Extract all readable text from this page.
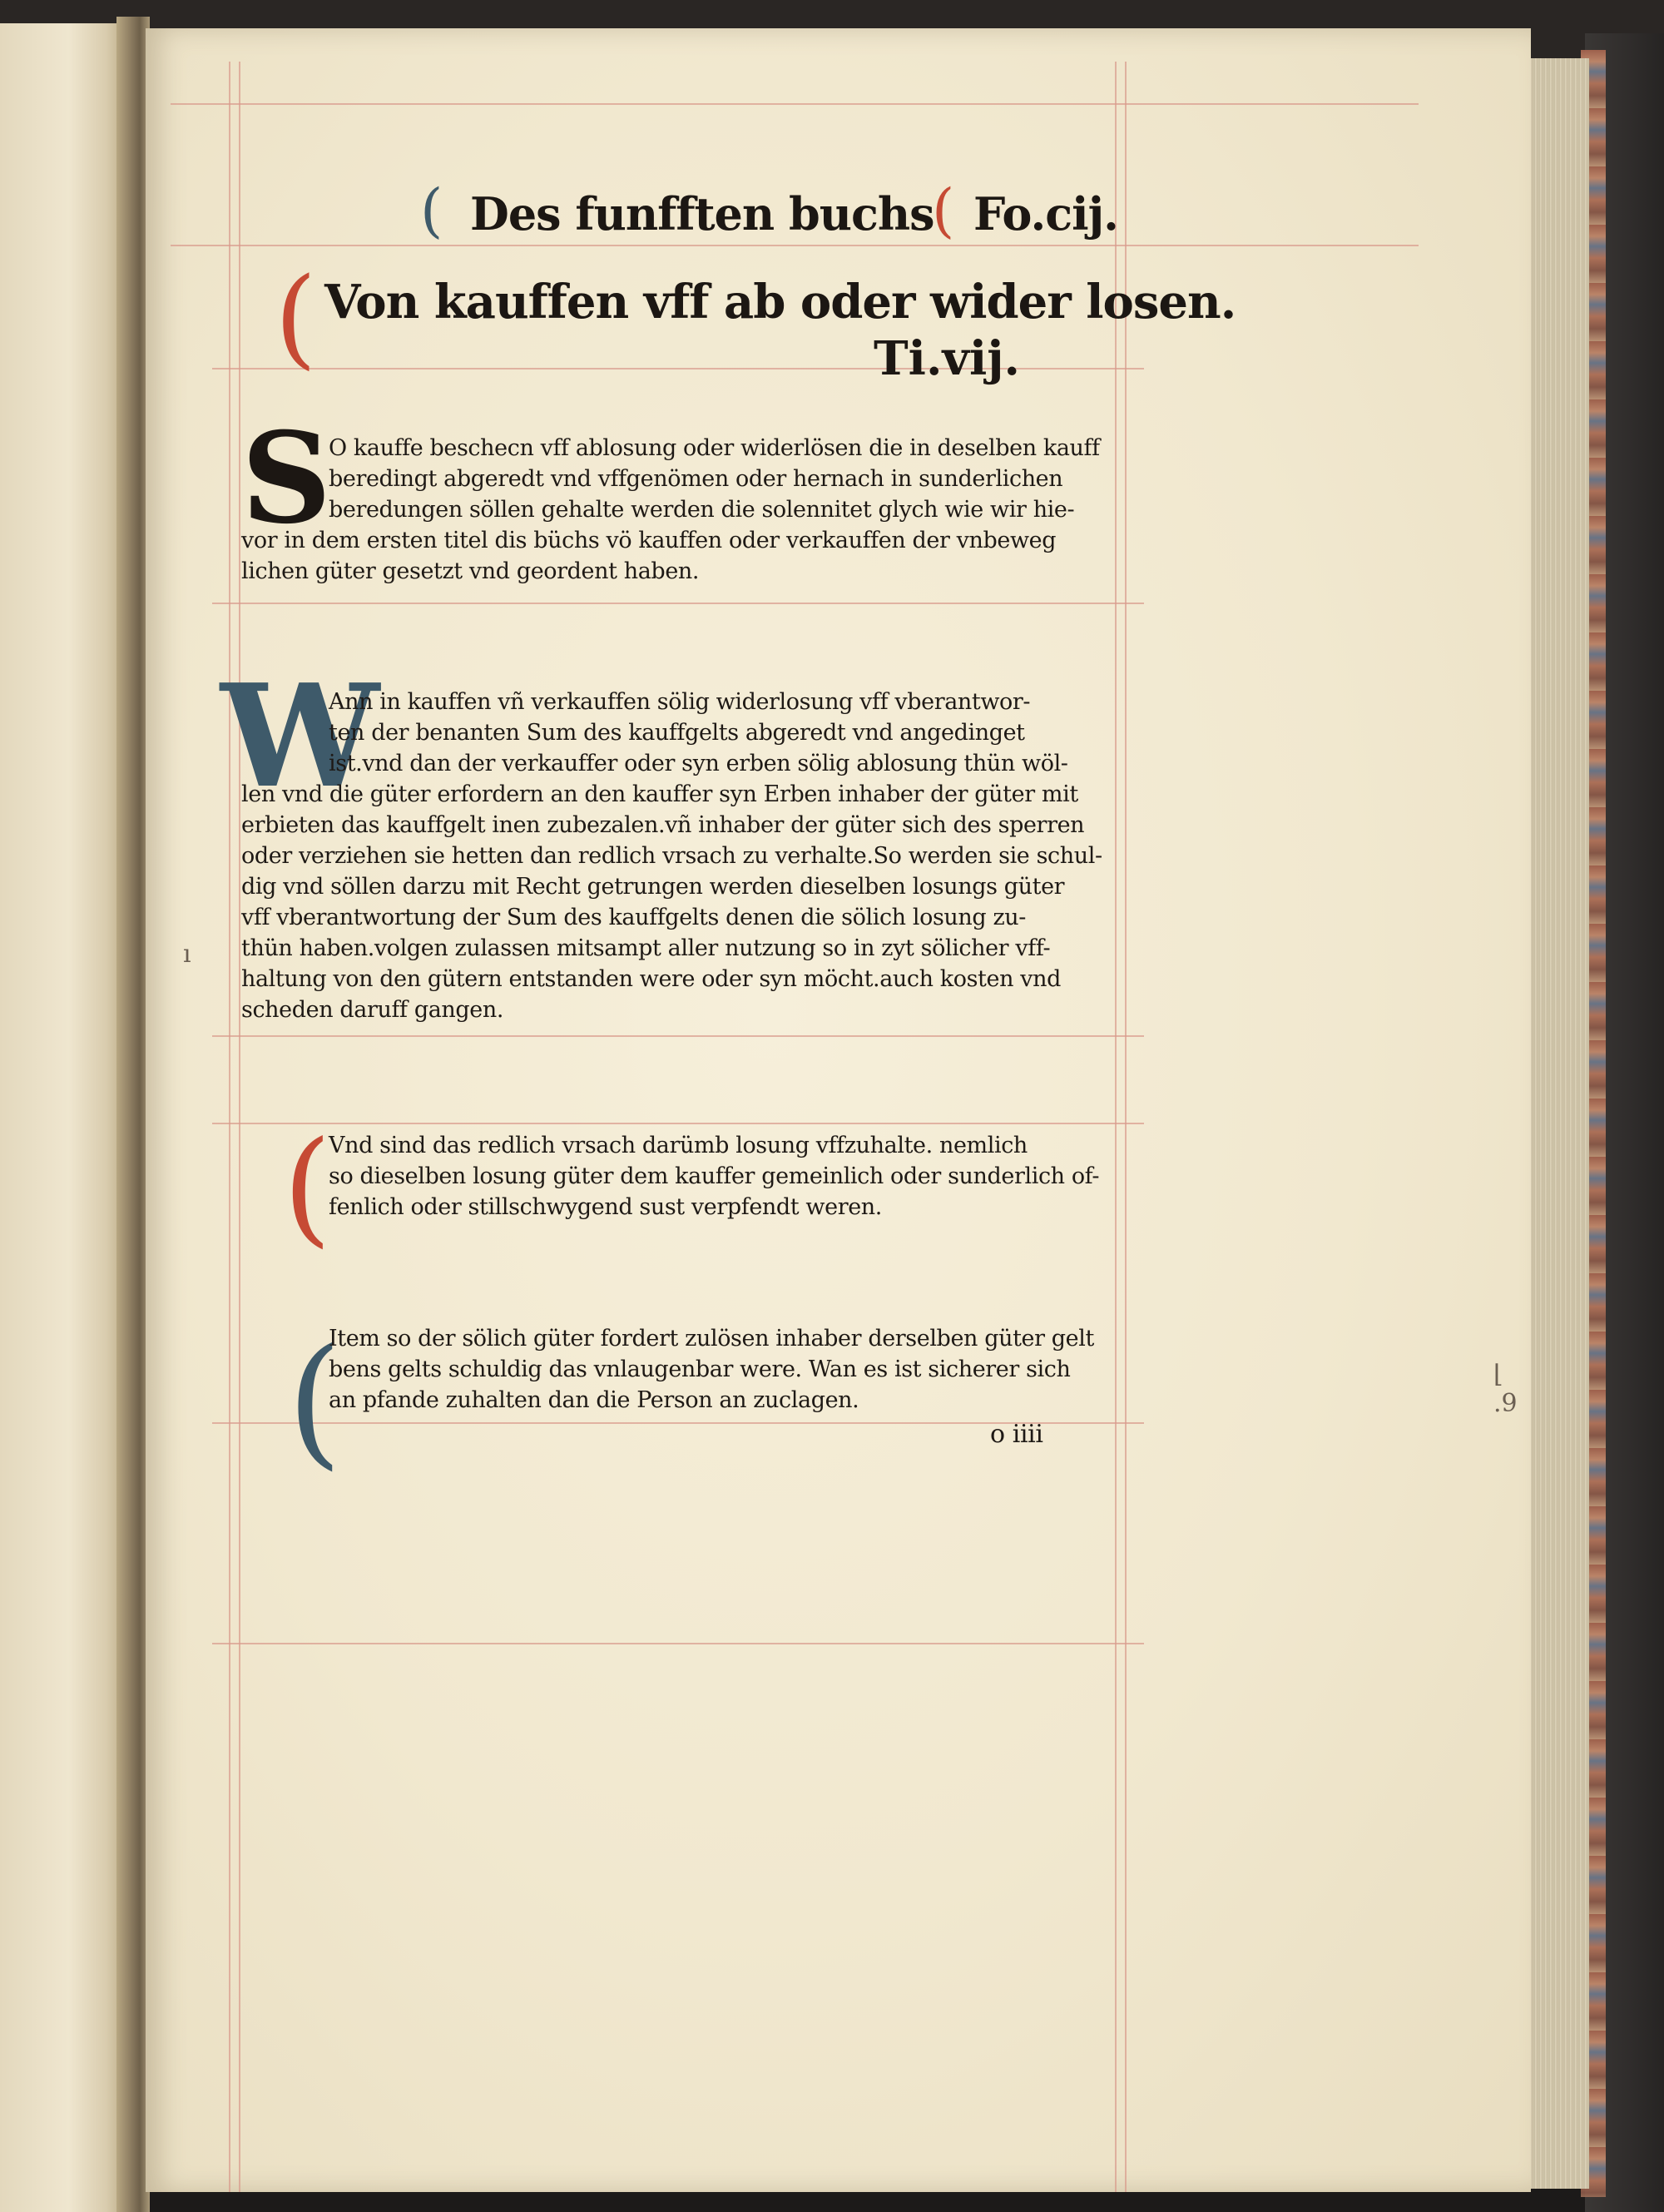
ı
⌊ .9
( Des funfften buchs
( Fo.cij.
( Von kauffen vff ab oder wider losen.
Ti.vij.
S
O kauffe beschecn vff ablosung oder widerlösen die in deselben kauff
beredingt abgeredt vnd vffgenömen oder hernach in sunderlichen
beredungen söllen gehalte werden die solennitet glych wie wir hie-
vor in dem ersten titel dis büchs vö kauffen oder verkauffen der vnbeweg
lichen güter gesetzt vnd geordent haben.
W
Ann in kauffen vñ verkauffen sölig widerlosung vff vberantwor-
ten der benanten Sum des kauffgelts abgeredt vnd angedinget
ist.vnd dan der verkauffer oder syn erben sölig ablosung thün wöl-
len vnd die güter erfordern an den kauffer syn Erben inhaber der güter mit
erbieten das kauffgelt inen zubezalen.vñ inhaber der güter sich des sperren
oder verziehen sie hetten dan redlich vrsach zu verhalte.So werden sie schul-
dig vnd söllen darzu mit Recht getrungen werden dieselben losungs güter
vff vberantwortung der Sum des kauffgelts denen die sölich losung zu-
thün haben.volgen zulassen mitsampt aller nutzung so in zyt sölicher vff-
haltung von den gütern entstanden were oder syn möcht.auch kosten vnd
scheden daruff gangen.
(
Vnd sind das redlich vrsach darümb losung vffzuhalte. nemlich
so dieselben losung güter dem kauffer gemeinlich oder sunderlich of-
fenlich oder stillschwygend sust verpfendt weren.
(
Item so der sölich güter fordert zulösen inhaber derselben güter gelt
bens gelts schuldig das vnlaugenbar were. Wan es ist sicherer sich
an pfande zuhalten dan die Person an zuclagen.
o iiii
